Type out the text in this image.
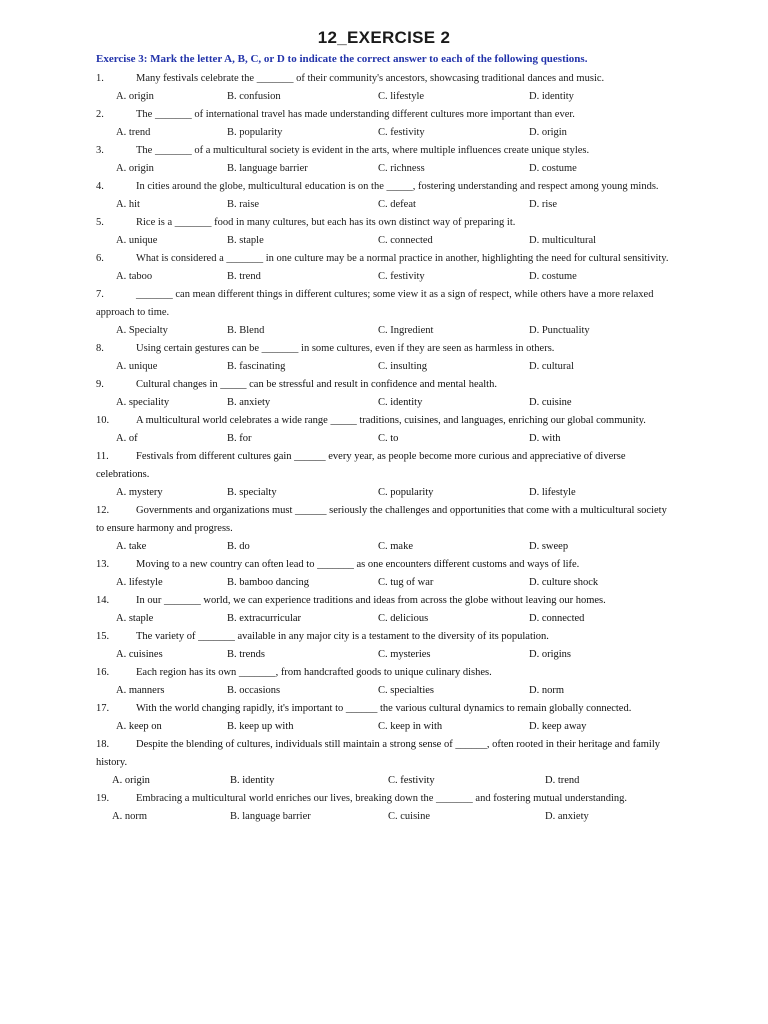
12_EXERCISE 2
Exercise 3: Mark the letter A, B, C, or D to indicate the correct answer to each of the following questions.
1.	Many festivals celebrate the _______ of their community's ancestors, showcasing traditional dances and music.
A. origin	B. confusion	C. lifestyle	D. identity
2.	The _______ of international travel has made understanding different cultures more important than ever.
A. trend	B. popularity	C. festivity	D. origin
3.	The _______ of a multicultural society is evident in the arts, where multiple influences create unique styles.
A. origin	B. language barrier	C. richness	D. costume
4.	In cities around the globe, multicultural education is on the _____, fostering understanding and respect among young minds.
A. hit	B. raise	C. defeat	D. rise
5.	Rice is a _______ food in many cultures, but each has its own distinct way of preparing it.
A. unique	B. staple	C. connected	D. multicultural
6.	What is considered a _______ in one culture may be a normal practice in another, highlighting the need for cultural sensitivity.
A. taboo	B. trend	C. festivity	D. costume
7.	_______ can mean different things in different cultures; some view it as a sign of respect, while others have a more relaxed approach to time.
A. Specialty	B. Blend	C. Ingredient	D. Punctuality
8.	Using certain gestures can be _______ in some cultures, even if they are seen as harmless in others.
A. unique	B. fascinating	C. insulting	D. cultural
9.	Cultural changes in _____ can be stressful and result in confidence and mental health.
A. speciality	B. anxiety	C. identity	D. cuisine
10.	A multicultural world celebrates a wide range _____ traditions, cuisines, and languages, enriching our global community.
A. of	B. for	C. to	D. with
11.	Festivals from different cultures gain ______ every year, as people become more curious and appreciative of diverse celebrations.
A. mystery	B. specialty	C. popularity	D. lifestyle
12.	Governments and organizations must ______ seriously the challenges and opportunities that come with a multicultural society to ensure harmony and progress.
A. take	B. do	C. make	D. sweep
13.	Moving to a new country can often lead to _______ as one encounters different customs and ways of life.
A. lifestyle	B. bamboo dancing	C. tug of war	D. culture shock
14.	In our _______ world, we can experience traditions and ideas from across the globe without leaving our homes.
A. staple	B. extracurricular	C. delicious	D. connected
15.	The variety of _______ available in any major city is a testament to the diversity of its population.
A. cuisines	B. trends	C. mysteries	D. origins
16.	Each region has its own _______, from handcrafted goods to unique culinary dishes.
A. manners	B. occasions	C. specialties	D. norm
17.	With the world changing rapidly, it's important to ______ the various cultural dynamics to remain globally connected.
A. keep on	B. keep up with	C. keep in with	D. keep away
18.	Despite the blending of cultures, individuals still maintain a strong sense of ______, often rooted in their heritage and family history.
A. origin	B. identity	C. festivity	D. trend
19.	Embracing a multicultural world enriches our lives, breaking down the _______ and fostering mutual understanding.
A. norm	B. language barrier	C. cuisine	D. anxiety
